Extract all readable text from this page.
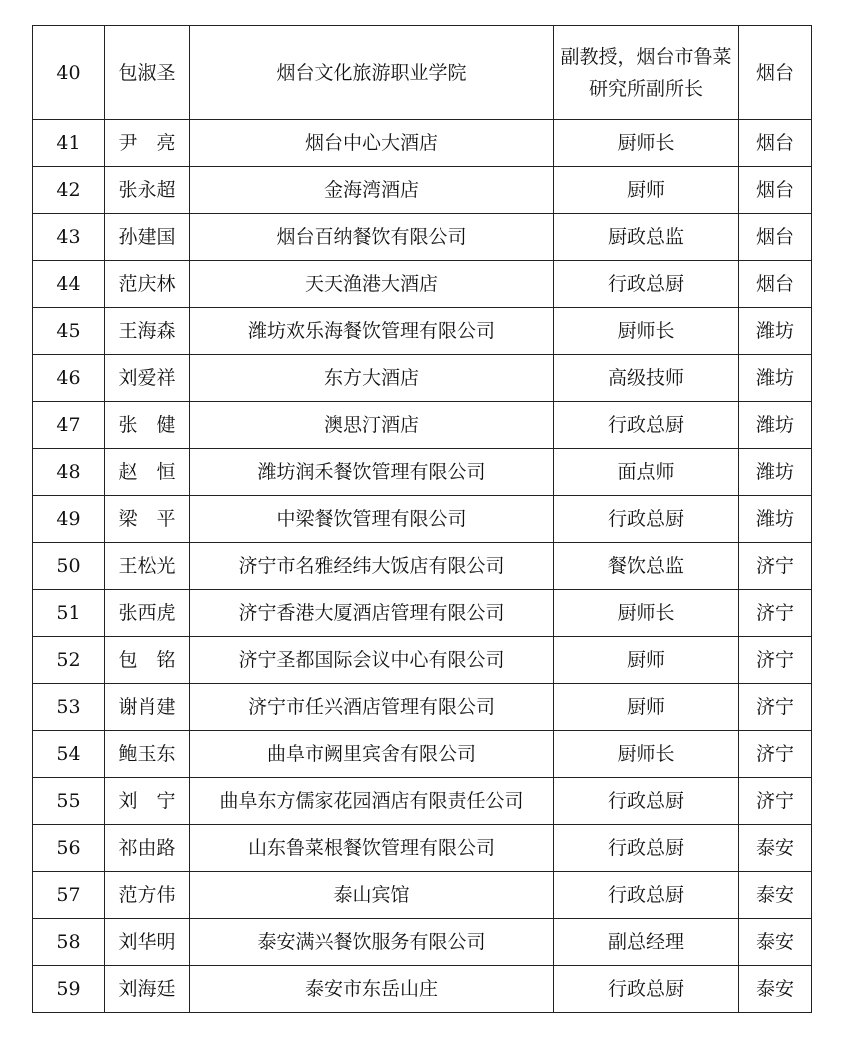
40	包淑圣	烟台文化旅游职业学院	副教授，烟台市鲁菜研究所副所长	烟台
41	尹　亮	烟台中心大酒店	厨师长	烟台
42	张永超	金海湾酒店	厨师	烟台
43	孙建国	烟台百纳餐饮有限公司	厨政总监	烟台
44	范庆林	天天渔港大酒店	行政总厨	烟台
45	王海森	潍坊欢乐海餐饮管理有限公司	厨师长	潍坊
46	刘爱祥	东方大酒店	高级技师	潍坊
47	张　健	澳思汀酒店	行政总厨	潍坊
48	赵　恒	潍坊润禾餐饮管理有限公司	面点师	潍坊
49	梁　平	中梁餐饮管理有限公司	行政总厨	潍坊
50	王松光	济宁市名雅经纬大饭店有限公司	餐饮总监	济宁
51	张西虎	济宁香港大厦酒店管理有限公司	厨师长	济宁
52	包　铭	济宁圣都国际会议中心有限公司	厨师	济宁
53	谢肖建	济宁市任兴酒店管理有限公司	厨师	济宁
54	鲍玉东	曲阜市阙里宾舍有限公司	厨师长	济宁
55	刘　宁	曲阜东方儒家花园酒店有限责任公司	行政总厨	济宁
56	祁由路	山东鲁菜根餐饮管理有限公司	行政总厨	泰安
57	范方伟	泰山宾馆	行政总厨	泰安
58	刘华明	泰安满兴餐饮服务有限公司	副总经理	泰安
59	刘海廷	泰安市东岳山庄	行政总厨	泰安
